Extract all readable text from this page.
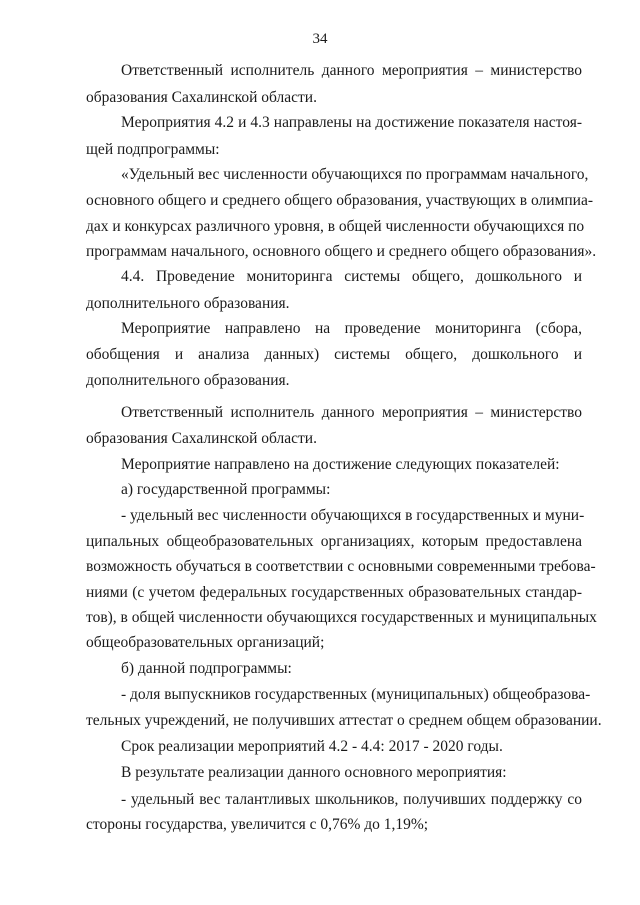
34
Ответственный исполнитель данного мероприятия – министерство
образования Сахалинской области.
Мероприятия 4.2 и 4.3 направлены на достижение показателя настоя-
щей подпрограммы:
«Удельный вес численности обучающихся по программам начального,
основного общего и среднего общего образования, участвующих в олимпиа-
дах и конкурсах различного уровня, в общей численности обучающихся по
программам начального, основного общего и среднего общего образования».
4.4. Проведение мониторинга системы общего, дошкольного и
дополнительного образования.
Мероприятие направлено на проведение мониторинга (сбора,
обобщения и анализа данных) системы общего, дошкольного и
дополнительного образования.
Ответственный исполнитель данного мероприятия – министерство
образования Сахалинской области.
Мероприятие направлено на достижение следующих показателей:
а) государственной программы:
- удельный вес численности обучающихся в государственных и муни-
ципальных общеобразовательных организациях, которым предоставлена
возможность обучаться в соответствии с основными современными требова-
ниями (с учетом федеральных государственных образовательных стандар-
тов), в общей численности обучающихся государственных и муниципальных
общеобразовательных организаций;
б) данной подпрограммы:
- доля выпускников государственных (муниципальных) общеобразова-
тельных учреждений, не получивших аттестат о среднем общем образовании.
Срок реализации мероприятий 4.2 - 4.4: 2017 - 2020 годы.
В результате реализации данного основного мероприятия:
- удельный вес талантливых школьников, получивших поддержку со
стороны государства, увеличится с 0,76% до 1,19%;
